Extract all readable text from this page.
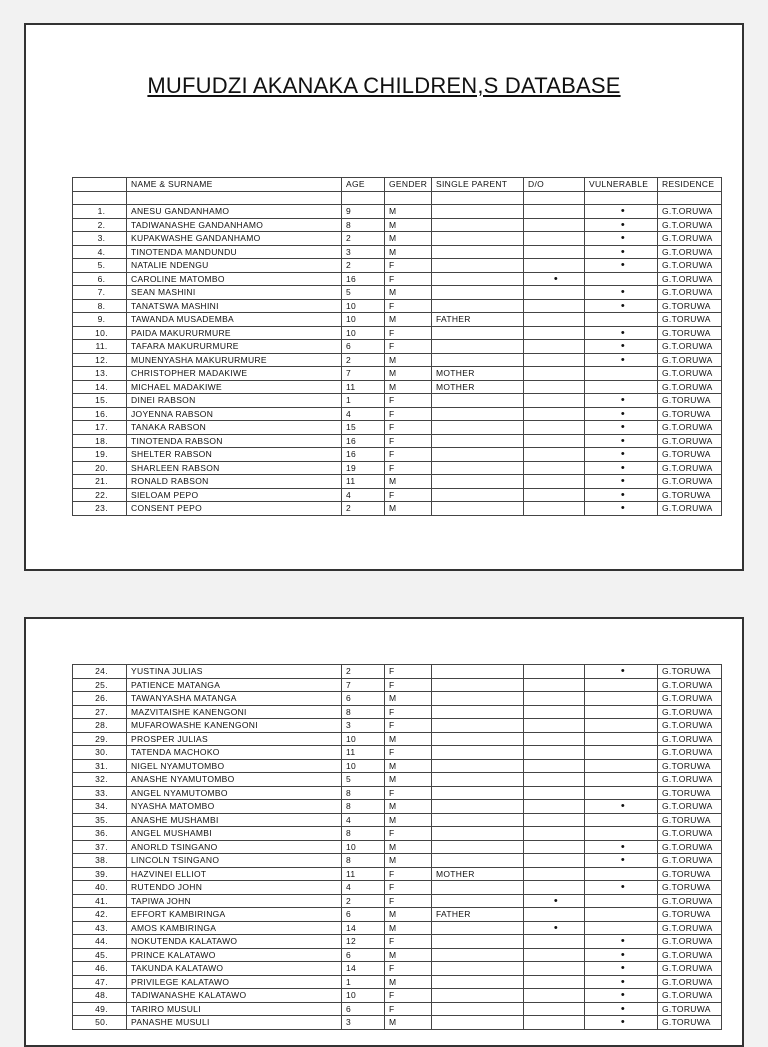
MUFUDZI AKANAKA CHILDREN,S DATABASE
	NAME & SURNAME	AGE	GENDER	SINGLE PARENT	D/O	VULNERABLE	RESIDENCE

1.	ANESU GANDANHAMO	9	M			•	G.T.ORUWA
2.	TADIWANASHE GANDANHAMO	8	M			•	G.T.ORUWA
3.	KUPAKWASHE GANDANHAMO	2	M			•	G.T.ORUWA
4.	TINOTENDA MANDUNDU	3	M			•	G.T.ORUWA
5.	NATALIE NDENGU	2	F			•	G.T.ORUWA
6.	CAROLINE MATOMBO	16	F		•		G.T.ORUWA
7.	SEAN MASHINI	5	M			•	G.T.ORUWA
8.	TANATSWA MASHINI	10	F			•	G.TORUWA
9.	TAWANDA MUSADEMBA	10	M	FATHER			G.TORUWA
10.	PAIDA MAKURURMURE	10	F			•	G.TORUWA
11.	TAFARA MAKURURMURE	6	F			•	G.T.ORUWA
12.	MUNENYASHA MAKURURMURE	2	M			•	G.T.ORUWA
13.	CHRISTOPHER MADAKIWE	7	M	MOTHER			G.T.ORUWA
14.	MICHAEL MADAKIWE	11	M	MOTHER			G.T.ORUWA
15.	DINEI RABSON	1	F			•	G.TORUWA
16.	JOYENNA RABSON	4	F			•	G.TORUWA
17.	TANAKA RABSON	15	F			•	G.T.ORUWA
18.	TINOTENDA RABSON	16	F			•	G.T.ORUWA
19.	SHELTER RABSON	16	F			•	G.TORUWA
20.	SHARLEEN RABSON	19	F			•	G.T.ORUWA
21.	RONALD RABSON	11	M			•	G.T.ORUWA
22.	SIELOAM PEPO	4	F			•	G.TORUWA
23.	CONSENT PEPO	2	M			•	G.T.ORUWA
24.	YUSTINA JULIAS	2	F			•	G.TORUWA
25.	PATIENCE MATANGA	7	F				G.T.ORUWA
26.	TAWANYASHA MATANGA	6	M				G.T.ORUWA
27.	MAZVITAISHE KANENGONI	8	F				G.T.ORUWA
28.	MUFAROWASHE KANENGONI	3	F				G.T.ORUWA
29.	PROSPER JULIAS	10	M				G.T.ORUWA
30.	TATENDA MACHOKO	11	F				G.T.ORUWA
31.	NIGEL NYAMUTOMBO	10	M				G.TORUWA
32.	ANASHE NYAMUTOMBO	5	M				G.T.ORUWA
33.	ANGEL NYAMUTOMBO	8	F				G.TORUWA
34.	NYASHA MATOMBO	8	M			•	G.T.ORUWA
35.	ANASHE MUSHAMBI	4	M				G.TORUWA
36.	ANGEL MUSHAMBI	8	F				G.T.ORUWA
37.	ANORLD TSINGANO	10	M			•	G.T.ORUWA
38.	LINCOLN TSINGANO	8	M			•	G.T.ORUWA
39.	HAZVINEI ELLIOT	11	F	MOTHER			G.TORUWA
40.	RUTENDO JOHN	4	F			•	G.TORUWA
41.	TAPIWA JOHN	2	F		•		G.T.ORUWA
42.	EFFORT KAMBIRINGA	6	M	FATHER			G.TORUWA
43.	AMOS KAMBIRINGA	14	M		•		G.T.ORUWA
44.	NOKUTENDA KALATAWO	12	F			•	G.T.ORUWA
45.	PRINCE KALATAWO	6	M			•	G.T.ORUWA
46.	TAKUNDA KALATAWO	14	F			•	G.T.ORUWA
47.	PRIVILEGE KALATAWO	1	M			•	G.T.ORUWA
48.	TADIWANASHE KALATAWO	10	F			•	G.T.ORUWA
49.	TARIRO MUSULI	6	F			•	G.TORUWA
50.	PANASHE MUSULI	3	M			•	G.TORUWA
